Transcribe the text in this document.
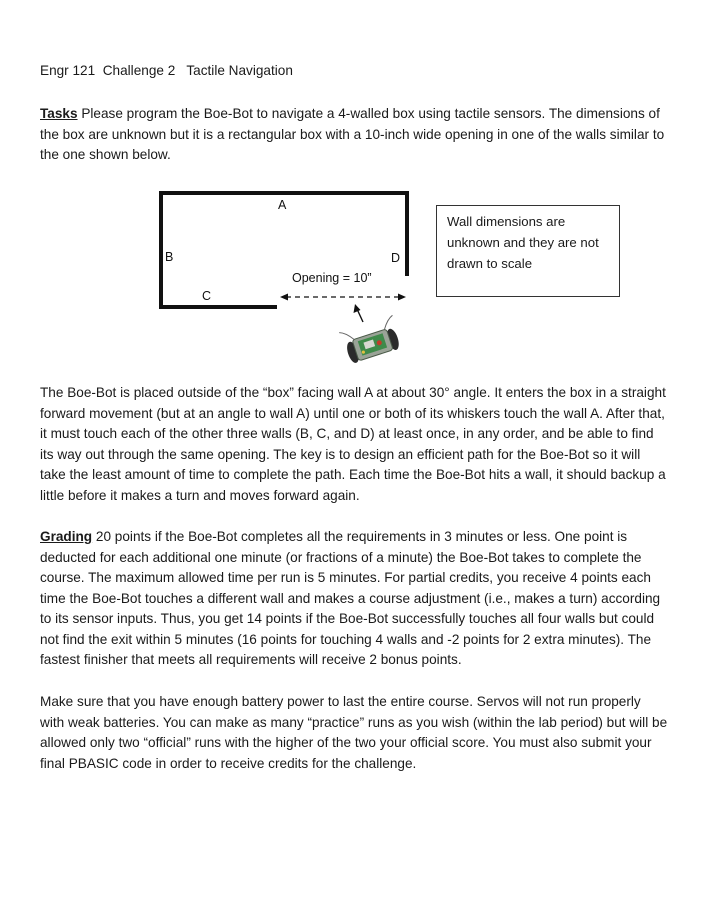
Engr 121  Challenge 2   Tactile Navigation

Tasks Please program the Boe-Bot to navigate a 4-walled box using tactile sensors. The dimensions of the box are unknown but it is a rectangular box with a 10-inch wide opening in one of the walls similar to the one shown below.

A
B
C
D
Opening = 10”
Wall dimensions are unknown and they are not drawn to scale

The Boe-Bot is placed outside of the “box” facing wall A at about 30° angle. It enters the box in a straight forward movement (but at an angle to wall A) until one or both of its whiskers touch the wall A. After that, it must touch each of the other three walls (B, C, and D) at least once, in any order, and be able to find its way out through the same opening. The key is to design an efficient path for the Boe-Bot so it will take the least amount of time to complete the path. Each time the Boe-Bot hits a wall, it should backup a little before it makes a turn and moves forward again.

Grading 20 points if the Boe-Bot completes all the requirements in 3 minutes or less. One point is deducted for each additional one minute (or fractions of a minute) the Boe-Bot takes to complete the course. The maximum allowed time per run is 5 minutes. For partial credits, you receive 4 points each time the Boe-Bot touches a different wall and makes a course adjustment (i.e., makes a turn) according to its sensor inputs. Thus, you get 14 points if the Boe-Bot successfully touches all four walls but could not find the exit within 5 minutes (16 points for touching 4 walls and -2 points for 2 extra minutes). The fastest finisher that meets all requirements will receive 2 bonus points.

Make sure that you have enough battery power to last the entire course. Servos will not run properly with weak batteries. You can make as many “practice” runs as you wish (within the lab period) but will be allowed only two “official” runs with the higher of the two your official score. You must also submit your final PBASIC code in order to receive credits for the challenge.
